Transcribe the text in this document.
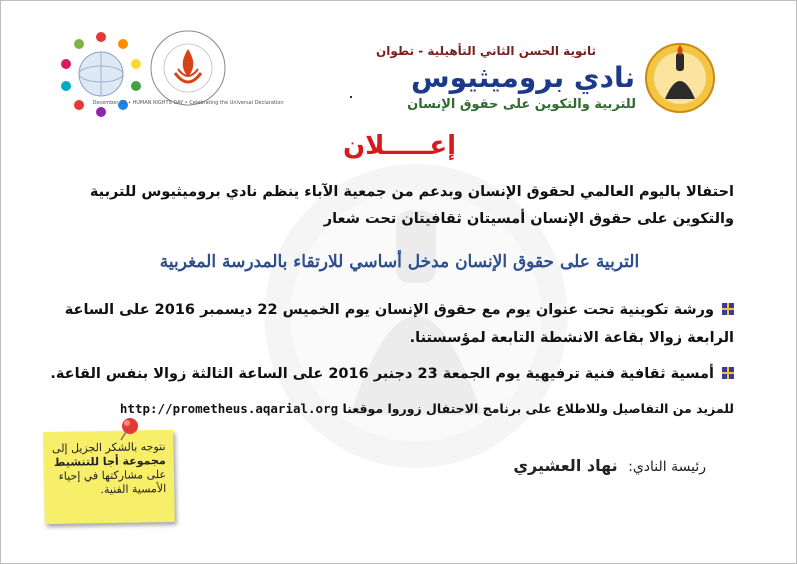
December 10 • HUMAN RIGHTS DAY • Celebrating the Universal Declaration
ثانوية الحسن الثاني التأهيلية - تطوان
نادي بروميثيوس
للتربية والتكوين على حقوق الإنسان
إعـــــلان
احتفالا باليوم العالمي لحقوق الإنسان وبدعم من جمعية الآباء ينظم نادي بروميثيوس للتربية والتكوين على حقوق الإنسان أمسيتان ثقافيتان تحت شعار
التربية على حقوق الإنسان مدخل أساسي للارتقاء بالمدرسة المغربية
ورشة تكوينية تحت عنوان يوم مع حقوق الإنسان يوم الخميس 22 ديسمبر 2016 على الساعة الرابعة زوالا بقاعة الانشطة التابعة لمؤسستنا.
أمسية ثقافية فنية ترفيهية يوم الجمعة 23 دجنبر 2016 على الساعة الثالثة زوالا بنفس القاعة.
للمزيد من التفاصيل وللاطلاع على برنامج الاحتفال زوروا موقعنا http://prometheus.aqarial.org
رئيسة النادي: نهاد العشيري
نتوجه بالشكر الجزيل إلى مجموعة أجا للتنشيط على مشاركتها في إحياء الأمسية الفنية.
